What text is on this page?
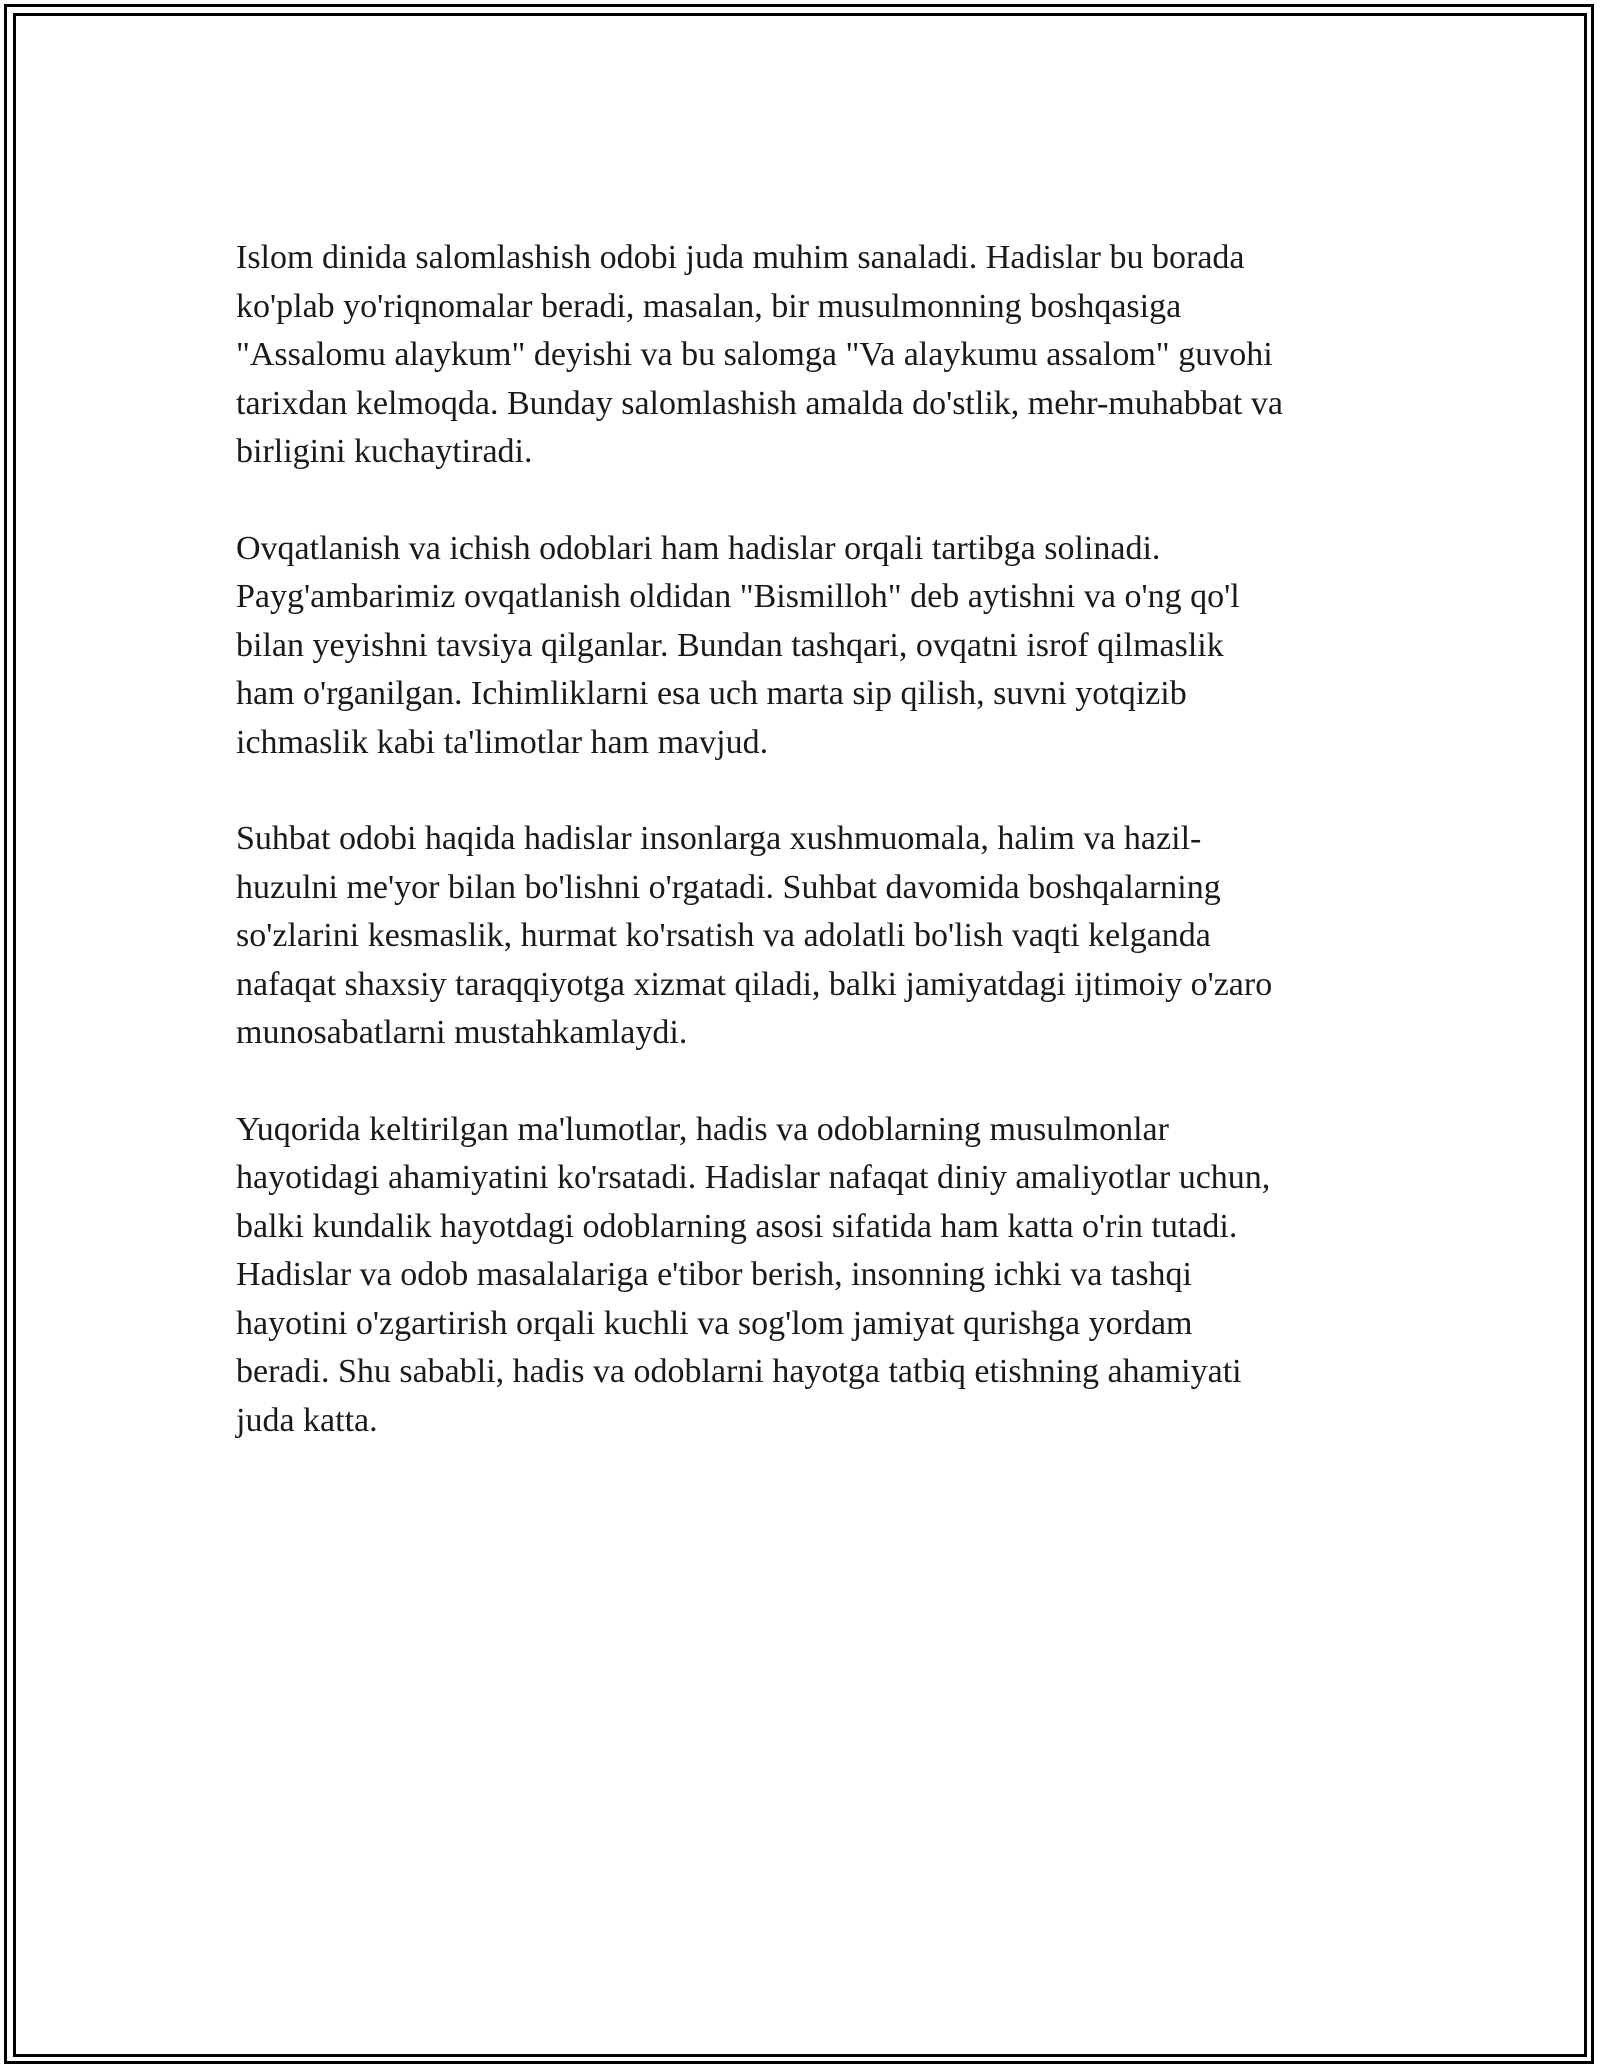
Islom dinida salomlashish odobi juda muhim sanaladi. Hadislar bu borada
ko'plab yo'riqnomalar beradi, masalan, bir musulmonning boshqasiga
"Assalomu alaykum" deyishi va bu salomga "Va alaykumu assalom" guvohi
tarixdan kelmoqda. Bunday salomlashish amalda do'stlik, mehr-muhabbat va
birligini kuchaytiradi.

Ovqatlanish va ichish odoblari ham hadislar orqali tartibga solinadi.
Payg'ambarimiz ovqatlanish oldidan "Bismilloh" deb aytishni va o'ng qo'l
bilan yeyishni tavsiya qilganlar. Bundan tashqari, ovqatni isrof qilmaslik
ham o'rganilgan. Ichimliklarni esa uch marta sip qilish, suvni yotqizib
ichmaslik kabi ta'limotlar ham mavjud.

Suhbat odobi haqida hadislar insonlarga xushmuomala, halim va hazil-
huzulni me'yor bilan bo'lishni o'rgatadi. Suhbat davomida boshqalarning
so'zlarini kesmaslik, hurmat ko'rsatish va adolatli bo'lish vaqti kelganda
nafaqat shaxsiy taraqqiyotga xizmat qiladi, balki jamiyatdagi ijtimoiy o'zaro
munosabatlarni mustahkamlaydi.

Yuqorida keltirilgan ma'lumotlar, hadis va odoblarning musulmonlar
hayotidagi ahamiyatini ko'rsatadi. Hadislar nafaqat diniy amaliyotlar uchun,
balki kundalik hayotdagi odoblarning asosi sifatida ham katta o'rin tutadi.
Hadislar va odob masalalariga e'tibor berish, insonning ichki va tashqi
hayotini o'zgartirish orqali kuchli va sog'lom jamiyat qurishga yordam
beradi. Shu sababli, hadis va odoblarni hayotga tatbiq etishning ahamiyati
juda katta.
